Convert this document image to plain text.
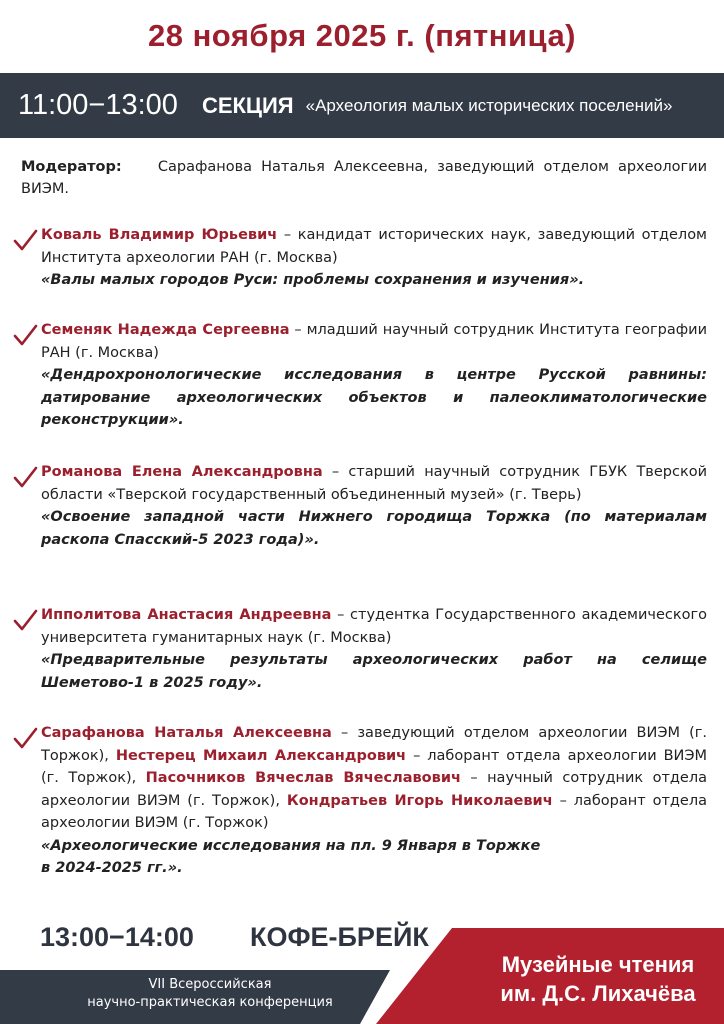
28 ноября 2025 г. (пятница)
11:00−13:00 СЕКЦИЯ «Археология малых исторических поселений»
Модератор:	Сарафанова Наталья Алексеевна, заведующий отделом археологии ВИЭМ.
Коваль Владимир Юрьевич – кандидат исторических наук, заведующий отделом Института археологии РАН (г. Москва)
«Валы малых городов Руси: проблемы сохранения и изучения».
Семеняк Надежда Сергеевна – младший научный сотрудник Института географии РАН (г. Москва)
«Дендрохронологические исследования в центре Русской равнины: датирование археологических объектов и палеоклиматологические реконструкции».
Романова Елена Александровна – старший научный сотрудник ГБУК Тверской области «Тверской государственный объединенный музей» (г. Тверь)
«Освоение западной части Нижнего городища Торжка (по материалам раскопа Спасский-5 2023 года)».
Ипполитова Анастасия Андреевна – студентка Государственного академического университета гуманитарных наук (г. Москва)
«Предварительные результаты археологических работ на селище Шеметово-1 в 2025 году».
Сарафанова Наталья Алексеевна – заведующий отделом археологии ВИЭМ (г. Торжок), Нестерец Михаил Александрович – лаборант отдела археологии ВИЭМ (г. Торжок), Пасочников Вячеслав Вячеславович – научный сотрудник отдела археологии ВИЭМ (г. Торжок), Кондратьев Игорь Николаевич – лаборант отдела археологии ВИЭМ (г. Торжок)
«Археологические исследования на пл. 9 Января в Торжке
в 2024-2025 гг.».
13:00−14:00 КОФЕ-БРЕЙК
VII Всероссийская
научно-практическая конференция
Музейные чтения
им. Д.С. Лихачёва
